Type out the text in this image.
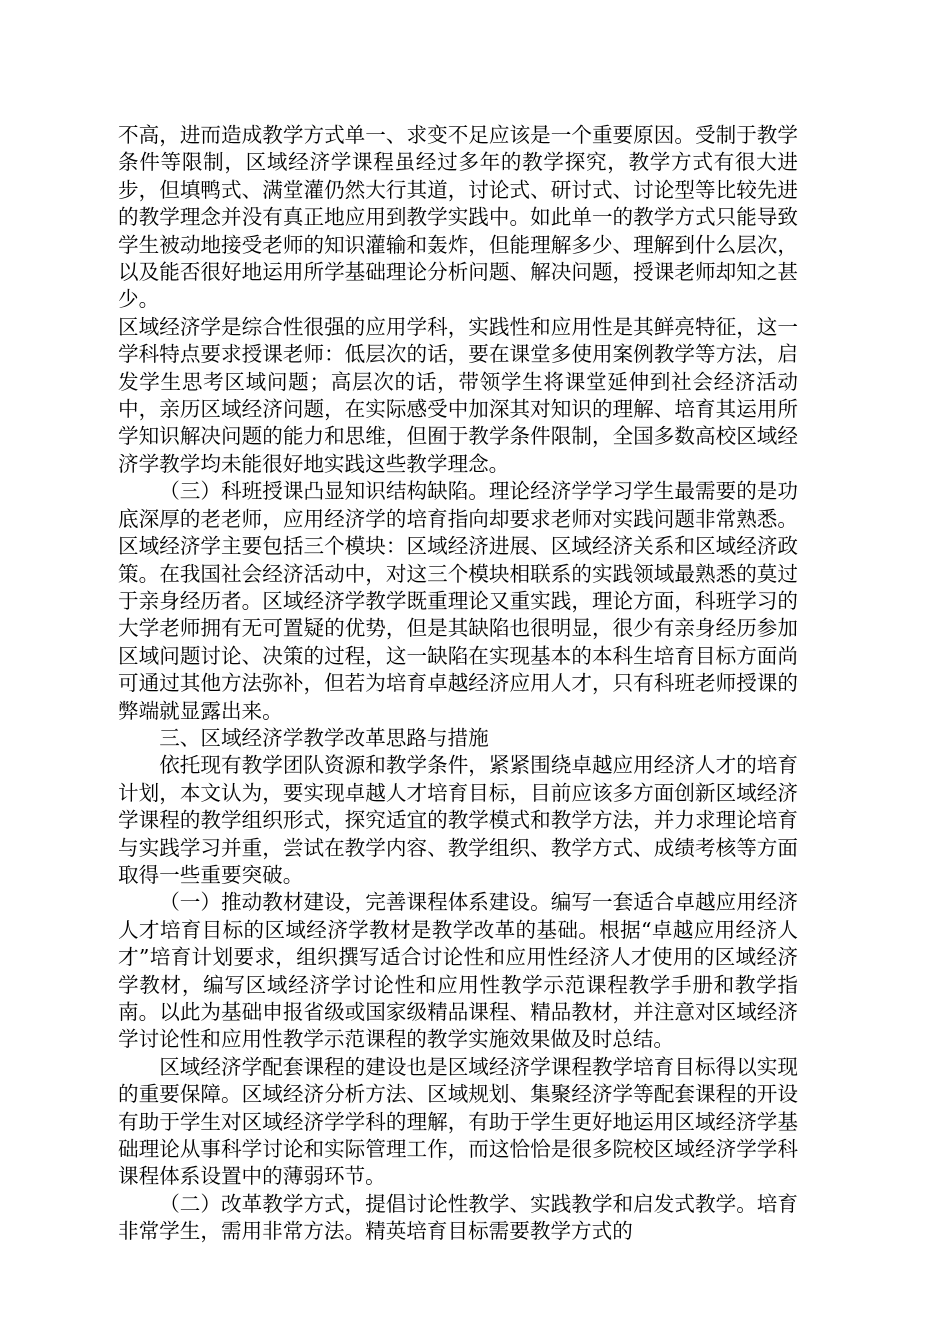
不高，进而造成教学方式单一、求变不足应该是一个重要原因。受制于教学条件等限制，区域经济学课程虽经过多年的教学探究，教学方式有很大进步，但填鸭式、满堂灌仍然大行其道，讨论式、研讨式、讨论型等比较先进的教学理念并没有真正地应用到教学实践中。如此单一的教学方式只能导致学生被动地接受老师的知识灌输和轰炸，但能理解多少、理解到什么层次，以及能否很好地运用所学基础理论分析问题、解决问题，授课老师却知之甚少。

区域经济学是综合性很强的应用学科，实践性和应用性是其鲜亮特征，这一学科特点要求授课老师：低层次的话，要在课堂多使用案例教学等方法，启发学生思考区域问题；高层次的话，带领学生将课堂延伸到社会经济活动中，亲历区域经济问题，在实际感受中加深其对知识的理解、培育其运用所学知识解决问题的能力和思维，但囿于教学条件限制，全国多数高校区域经济学教学均未能很好地实践这些教学理念。

（三）科班授课凸显知识结构缺陷。理论经济学学习学生最需要的是功底深厚的老老师，应用经济学的培育指向却要求老师对实践问题非常熟悉。区域经济学主要包括三个模块：区域经济进展、区域经济关系和区域经济政策。在我国社会经济活动中，对这三个模块相联系的实践领域最熟悉的莫过于亲身经历者。区域经济学教学既重理论又重实践，理论方面，科班学习的大学老师拥有无可置疑的优势，但是其缺陷也很明显，很少有亲身经历参加区域问题讨论、决策的过程，这一缺陷在实现基本的本科生培育目标方面尚可通过其他方法弥补，但若为培育卓越经济应用人才，只有科班老师授课的弊端就显露出来。

三、区域经济学教学改革思路与措施

依托现有教学团队资源和教学条件，紧紧围绕卓越应用经济人才的培育计划，本文认为，要实现卓越人才培育目标，目前应该多方面创新区域经济学课程的教学组织形式，探究适宜的教学模式和教学方法，并力求理论培育与实践学习并重，尝试在教学内容、教学组织、教学方式、成绩考核等方面取得一些重要突破。

（一）推动教材建设，完善课程体系建设。编写一套适合卓越应用经济人才培育目标的区域经济学教材是教学改革的基础。根据“卓越应用经济人才”培育计划要求，组织撰写适合讨论性和应用性经济人才使用的区域经济学教材，编写区域经济学讨论性和应用性教学示范课程教学手册和教学指南。以此为基础申报省级或国家级精品课程、精品教材，并注意对区域经济学讨论性和应用性教学示范课程的教学实施效果做及时总结。

区域经济学配套课程的建设也是区域经济学课程教学培育目标得以实现的重要保障。区域经济分析方法、区域规划、集聚经济学等配套课程的开设有助于学生对区域经济学学科的理解，有助于学生更好地运用区域经济学基础理论从事科学讨论和实际管理工作，而这恰恰是很多院校区域经济学学科课程体系设置中的薄弱环节。

（二）改革教学方式，提倡讨论性教学、实践教学和启发式教学。培育非常学生，需用非常方法。精英培育目标需要教学方式的
